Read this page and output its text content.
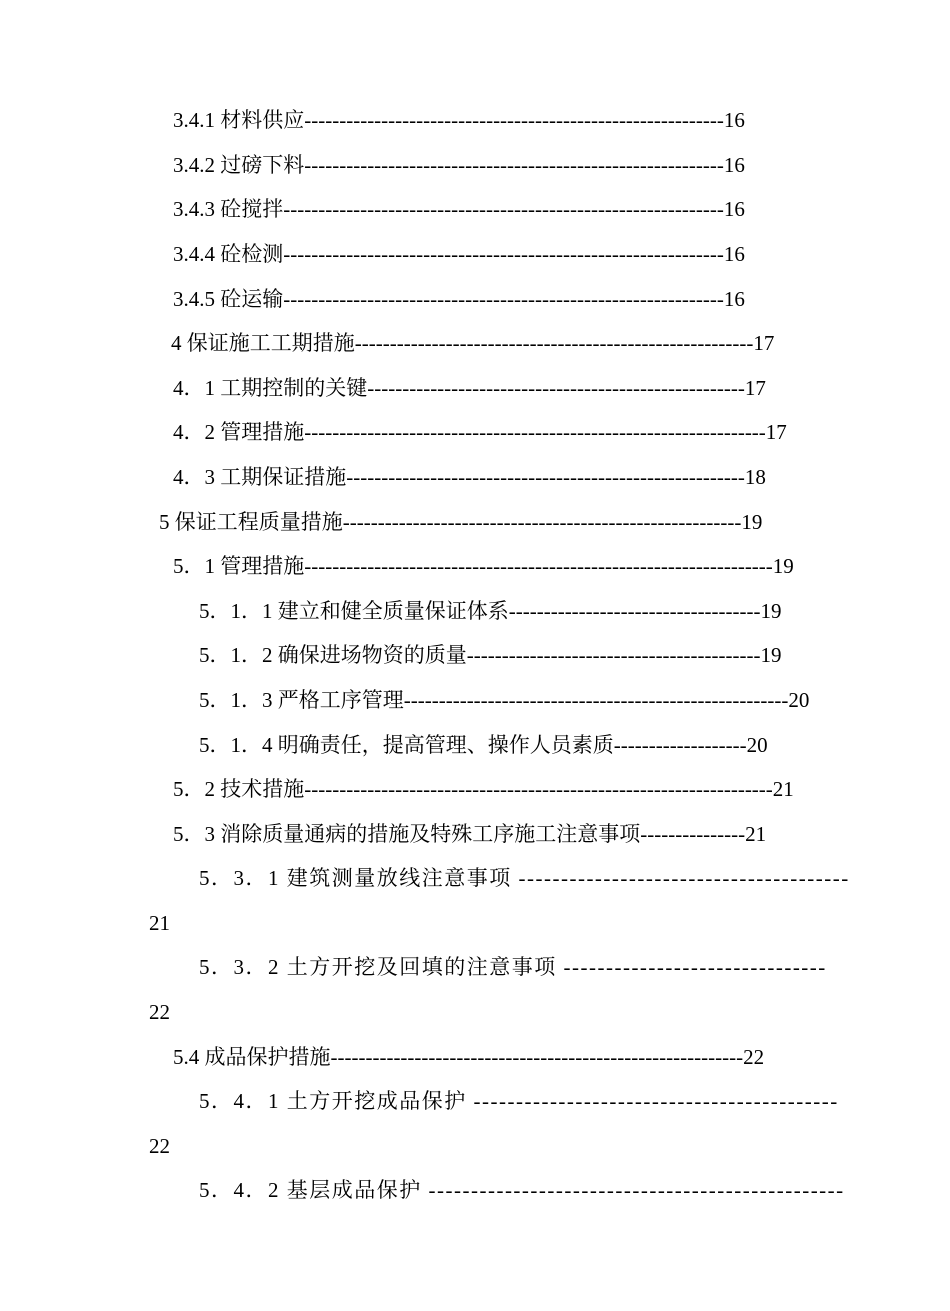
3.4.1 材料供应------------------------------------------------------------16
3.4.2 过磅下料------------------------------------------------------------16
3.4.3 砼搅拌---------------------------------------------------------------16
3.4.4 砼检测---------------------------------------------------------------16
3.4.5 砼运输---------------------------------------------------------------16
4 保证施工工期措施---------------------------------------------------------17
4．1 工期控制的关键------------------------------------------------------17
4．2 管理措施------------------------------------------------------------------17
4．3 工期保证措施---------------------------------------------------------18
5 保证工程质量措施---------------------------------------------------------19
5．1 管理措施-------------------------------------------------------------------19
5．1．1 建立和健全质量保证体系------------------------------------19
5．1．2 确保进场物资的质量------------------------------------------19
5．1．3 严格工序管理-------------------------------------------------------20
5．1．4 明确责任，提高管理、操作人员素质-------------------20
5．2 技术措施-------------------------------------------------------------------21
5．3 消除质量通病的措施及特殊工序施工注意事项---------------21
5．3．1 建筑测量放线注意事项 ---------------------------------------
21
5．3．2 土方开挖及回填的注意事项 -------------------------------
22
5.4 成品保护措施-----------------------------------------------------------22
5．4．1 土方开挖成品保护 -------------------------------------------
22
5．4．2 基层成品保护 -------------------------------------------------
